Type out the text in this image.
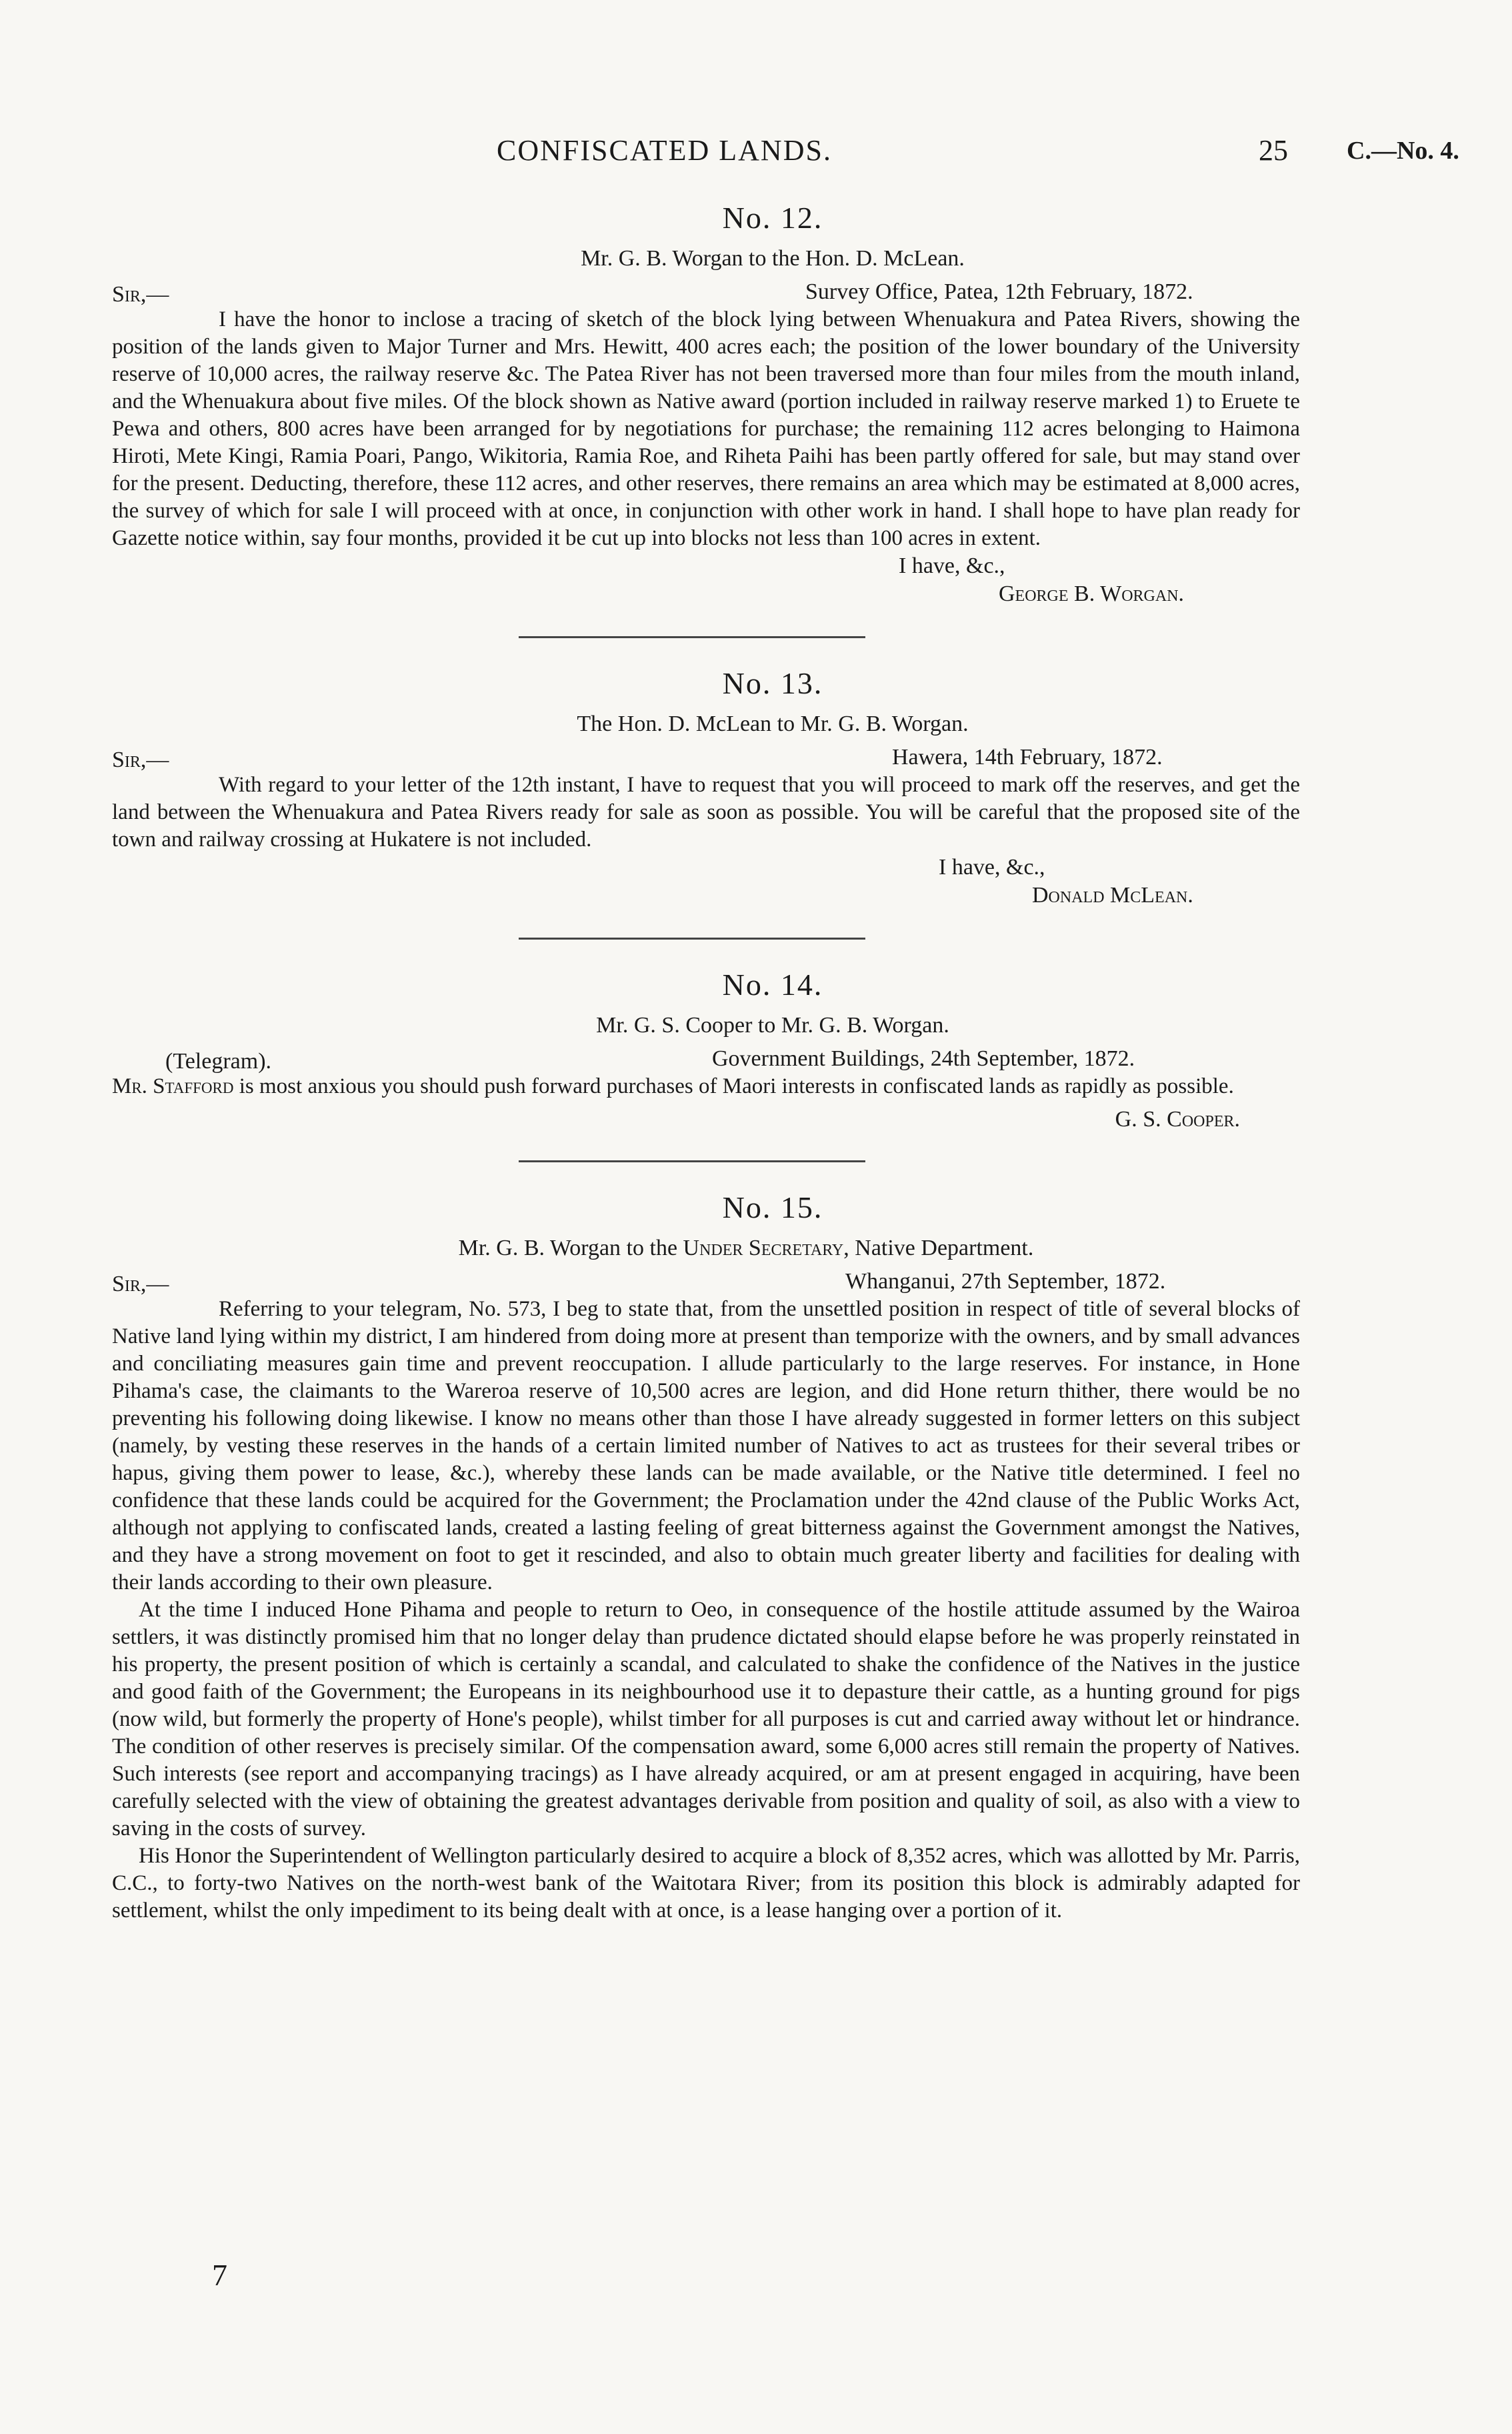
CONFISCATED LANDS.	25 C.—No. 4.
No. 12.
Mr. G. B. Worgan to the Hon. D. McLean.
Sir,—	Survey Office, Patea, 12th February, 1872.

I have the honor to inclose a tracing of sketch of the block lying between Whenuakura and Patea Rivers, showing the position of the lands given to Major Turner and Mrs. Hewitt, 400 acres each; the position of the lower boundary of the University reserve of 10,000 acres, the railway reserve &c. The Patea River has not been traversed more than four miles from the mouth inland, and the Whenuakura about five miles. Of the block shown as Native award (portion included in railway reserve marked 1) to Eruete te Pewa and others, 800 acres have been arranged for by negotiations for purchase; the remaining 112 acres belonging to Haimona Hiroti, Mete Kingi, Ramia Poari, Pango, Wikitoria, Ramia Roe, and Riheta Paihi has been partly offered for sale, but may stand over for the present. Deducting, therefore, these 112 acres, and other reserves, there remains an area which may be estimated at 8,000 acres, the survey of which for sale I will proceed with at once, in conjunction with other work in hand. I shall hope to have plan ready for Gazette notice within, say four months, provided it be cut up into blocks not less than 100 acres in extent.

I have, &c.,
George B. Worgan.
No. 13.
The Hon. D. McLean to Mr. G. B. Worgan.
Sir,—	Hawera, 14th February, 1872.

With regard to your letter of the 12th instant, I have to request that you will proceed to mark off the reserves, and get the land between the Whenuakura and Patea Rivers ready for sale as soon as possible. You will be careful that the proposed site of the town and railway crossing at Hukatere is not included.

I have, &c.,
Donald McLean.
No. 14.
Mr. G. S. Cooper to Mr. G. B. Worgan.
(Telegram).	Government Buildings, 24th September, 1872.

Mr. Stafford is most anxious you should push forward purchases of Maori interests in confiscated lands as rapidly as possible.

G. S. Cooper.
No. 15.
Mr. G. B. Worgan to the Under Secretary, Native Department.
Sir,—	Whanganui, 27th September, 1872.

Referring to your telegram, No. 573, I beg to state that, from the unsettled position in respect of title of several blocks of Native land lying within my district, I am hindered from doing more at present than temporize with the owners, and by small advances and conciliating measures gain time and prevent reoccupation. I allude particularly to the large reserves. For instance, in Hone Pihama's case, the claimants to the Wareroa reserve of 10,500 acres are legion, and did Hone return thither, there would be no preventing his following doing likewise. I know no means other than those I have already suggested in former letters on this subject (namely, by vesting these reserves in the hands of a certain limited number of Natives to act as trustees for their several tribes or hapus, giving them power to lease, &c.), whereby these lands can be made available, or the Native title determined. I feel no confidence that these lands could be acquired for the Government; the Proclamation under the 42nd clause of the Public Works Act, although not applying to confiscated lands, created a lasting feeling of great bitterness against the Government amongst the Natives, and they have a strong movement on foot to get it rescinded, and also to obtain much greater liberty and facilities for dealing with their lands according to their own pleasure.

At the time I induced Hone Pihama and people to return to Oeo, in consequence of the hostile attitude assumed by the Wairoa settlers, it was distinctly promised him that no longer delay than prudence dictated should elapse before he was properly reinstated in his property, the present position of which is certainly a scandal, and calculated to shake the confidence of the Natives in the justice and good faith of the Government; the Europeans in its neighbourhood use it to depasture their cattle, as a hunting ground for pigs (now wild, but formerly the property of Hone's people), whilst timber for all purposes is cut and carried away without let or hindrance. The condition of other reserves is precisely similar. Of the compensation award, some 6,000 acres still remain the property of Natives. Such interests (see report and accompanying tracings) as I have already acquired, or am at present engaged in acquiring, have been carefully selected with the view of obtaining the greatest advantages derivable from position and quality of soil, as also with a view to saving in the costs of survey.

His Honor the Superintendent of Wellington particularly desired to acquire a block of 8,352 acres, which was allotted by Mr. Parris, C.C., to forty-two Natives on the north-west bank of the Waitotara River; from its position this block is admirably adapted for settlement, whilst the only impediment to its being dealt with at once, is a lease hanging over a portion of it.

7
